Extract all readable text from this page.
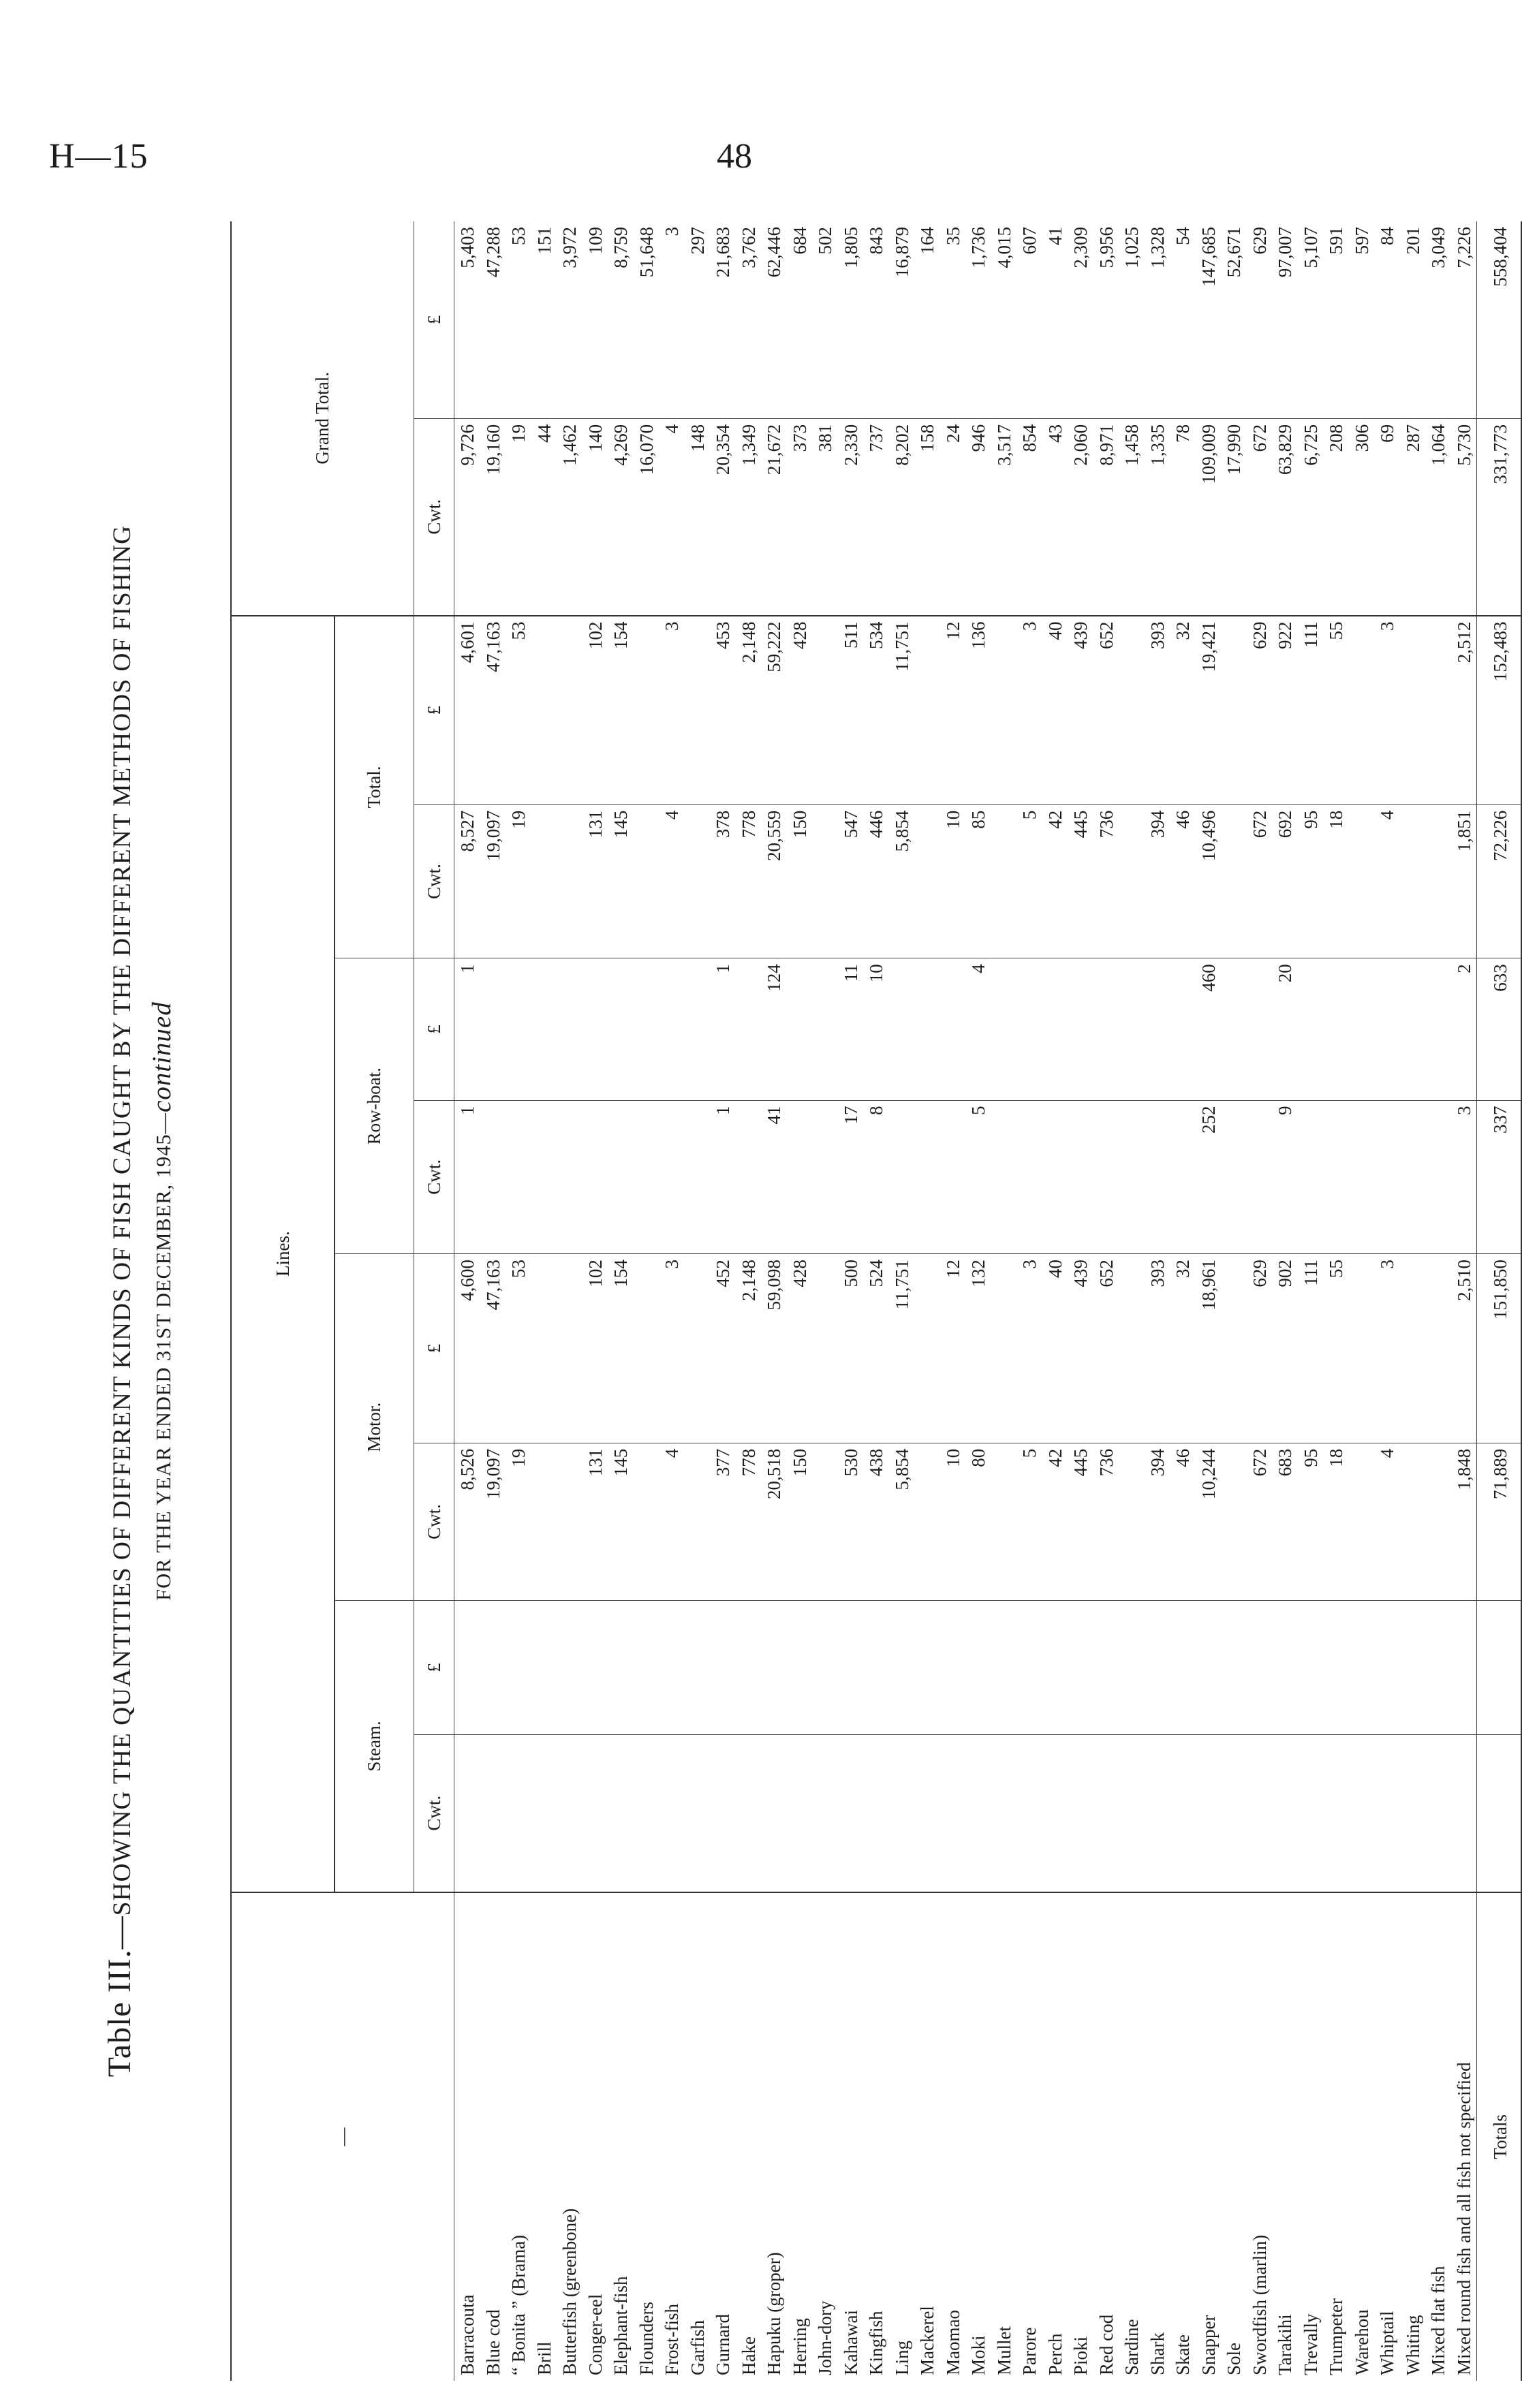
H—15	48
Table III.—SHOWING THE QUANTITIES OF DIFFERENT KINDS OF FISH CAUGHT BY THE DIFFERENT METHODS OF FISHING FOR THE YEAR ENDED 31ST DECEMBER, 1945—continued
—	Lines.								Grand Total.	
	Steam.		Motor.		Row-boat.		Total.			
	Cwt.	£	Cwt.	£	Cwt.	£	Cwt.	£	Cwt.	£
Barracouta			8,526	4,600	1	1	8,527	4,601	9,726	5,403
Blue cod			19,097	47,163			19,097	47,163	19,160	47,288
“ Bonita ” (Brama)			19	53			19	53	19	53
Brill									44	151
Butterfish (greenbone)									1,462	3,972
Conger-eel			131	102			131	102	140	109
Elephant-fish			145	154			145	154	4,269	8,759
Flounders									16,070	51,648
Frost-fish			4	3			4	3	4	3
Garfish									148	297
Gurnard			377	452	1	1	378	453	20,354	21,683
Hake			778	2,148			778	2,148	1,349	3,762
Hapuku (groper)			20,518	59,098	41	124	20,559	59,222	21,672	62,446
Herring			150	428			150	428	373	684
John-dory									381	502
Kahawai			530	500	17	11	547	511	2,330	1,805
Kingfish			438	524	8	10	446	534	737	843
Ling			5,854	11,751			5,854	11,751	8,202	16,879
Mackerel									158	164
Maomao			10	12			10	12	24	35
Moki			80	132	5	4	85	136	946	1,736
Mullet									3,517	4,015
Parore			5	3			5	3	854	607
Perch			42	40			42	40	43	41
Pioki			445	439			445	439	2,060	2,309
Red cod			736	652			736	652	8,971	5,956
Sardine									1,458	1,025
Shark			394	393			394	393	1,335	1,328
Skate			46	32			46	32	78	54
Snapper			10,244	18,961	252	460	10,496	19,421	109,009	147,685
Sole									17,990	52,671
Swordfish (marlin)			672	629			672	629	672	629
Tarakihi			683	902	9	20	692	922	63,829	97,007
Trevally			95	111			95	111	6,725	5,107
Trumpeter			18	55			18	55	208	591
Warehou									306	597
Whiptail			4	3			4	3	69	84
Whiting									287	201
Mixed flat fish									1,064	3,049
Mixed round fish and all fish not specified			1,848	2,510	3	2	1,851	2,512	5,730	7,226
Totals			71,889	151,850	337	633	72,226	152,483	331,773	558,404
